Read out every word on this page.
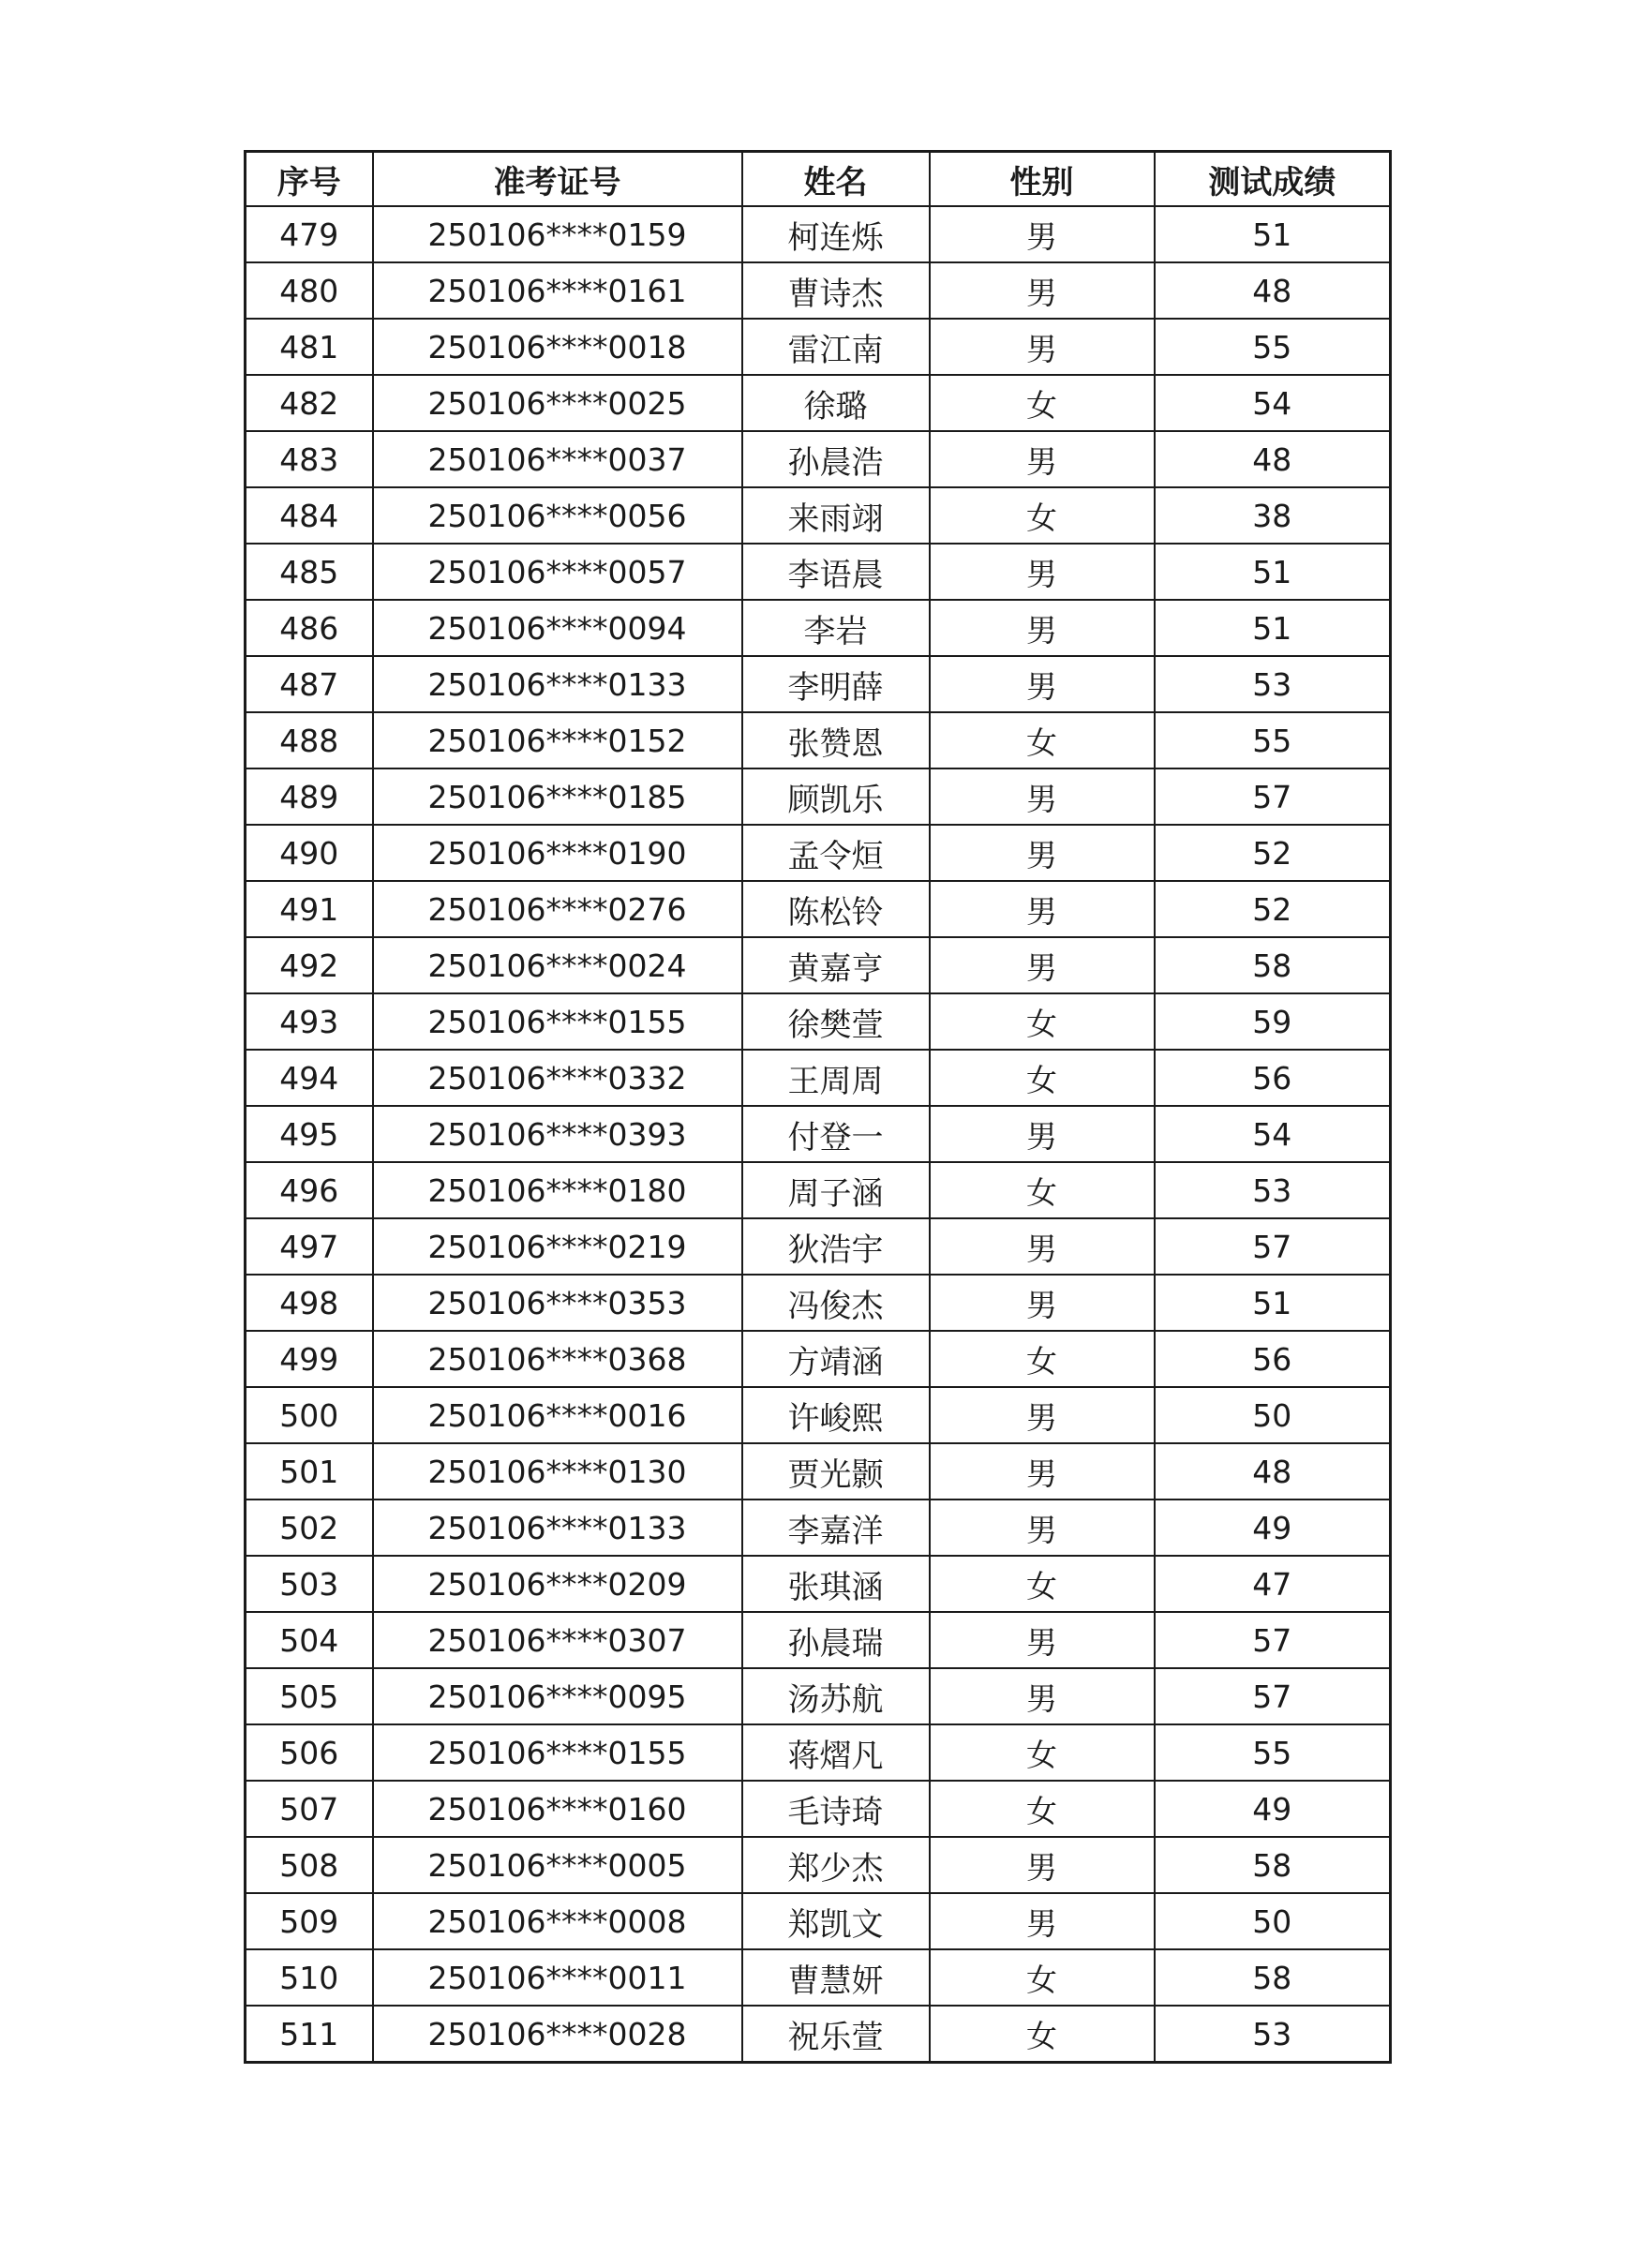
序号	准考证号	姓名	性别	测试成绩
479	250106****0159	柯连烁	男	51
480	250106****0161	曹诗杰	男	48
481	250106****0018	雷江南	男	55
482	250106****0025	徐璐	女	54
483	250106****0037	孙晨浩	男	48
484	250106****0056	来雨翊	女	38
485	250106****0057	李语晨	男	51
486	250106****0094	李岩	男	51
487	250106****0133	李明薛	男	53
488	250106****0152	张赞恩	女	55
489	250106****0185	顾凯乐	男	57
490	250106****0190	孟令烜	男	52
491	250106****0276	陈松铃	男	52
492	250106****0024	黄嘉亨	男	58
493	250106****0155	徐樊萱	女	59
494	250106****0332	王周周	女	56
495	250106****0393	付登一	男	54
496	250106****0180	周子涵	女	53
497	250106****0219	狄浩宇	男	57
498	250106****0353	冯俊杰	男	51
499	250106****0368	方靖涵	女	56
500	250106****0016	许峻熙	男	50
501	250106****0130	贾光颢	男	48
502	250106****0133	李嘉洋	男	49
503	250106****0209	张琪涵	女	47
504	250106****0307	孙晨瑞	男	57
505	250106****0095	汤苏航	男	57
506	250106****0155	蒋熠凡	女	55
507	250106****0160	毛诗琦	女	49
508	250106****0005	郑少杰	男	58
509	250106****0008	郑凯文	男	50
510	250106****0011	曹慧妍	女	58
511	250106****0028	祝乐萱	女	53
